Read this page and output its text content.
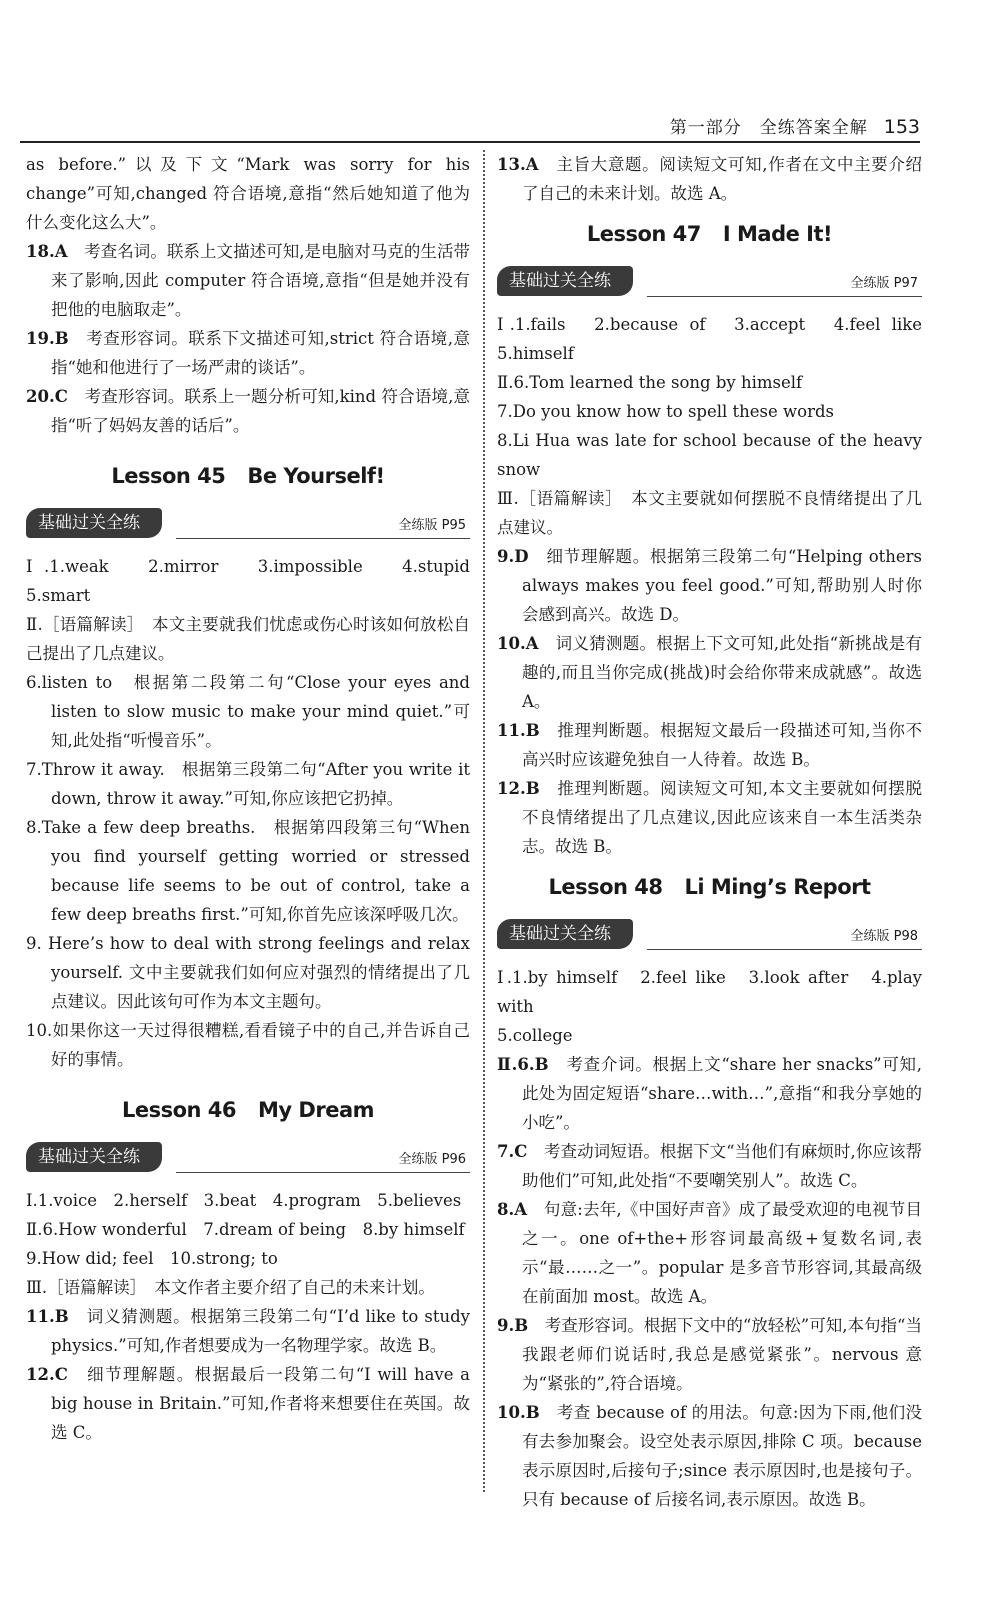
第一部分　全练答案全解 153
as before.”以及下文“Mark was sorry for his change”可知,changed 符合语境,意指“然后她知道了他为什么变化这么大”。
18.A　 考查名词。联系上文描述可知,是电脑对马克的生活带来了影响,因此 computer 符合语境,意指“但是她并没有把他的电脑取走”。
19.B　 考查形容词。联系下文描述可知,strict 符合语境,意指“她和他进行了一场严肃的谈话”。
20.C　 考查形容词。联系上一题分析可知,kind 符合语境,意指“听了妈妈友善的话后”。
Lesson 45 Be Yourself!
基础过关全练	全练版 P95
Ⅰ.1.weak　2.mirror　3.impossible　4.stupid　5.smart
Ⅱ.［语篇解读］　本文主要就我们忧虑或伤心时该如何放松自己提出了几点建议。
6.listen to　根据第二段第二句“Close your eyes and listen to slow music to make your mind quiet.”可知,此处指“听慢音乐”。
7.Throw it away.　根据第三段第二句“After you write it down, throw it away.”可知,你应该把它扔掉。
8.Take a few deep breaths.　根据第四段第三句“When you find yourself getting worried or stressed because life seems to be out of control, take a few deep breaths first.”可知,你首先应该深呼吸几次。
9. Here’s how to deal with strong feelings and relax yourself. 文中主要就我们如何应对强烈的情绪提出了几点建议。因此该句可作为本文主题句。
10.如果你这一天过得很糟糕,看看镜子中的自己,并告诉自己好的事情。
Lesson 46 My Dream
基础过关全练	全练版 P96
Ⅰ.1.voice　2.herself　3.beat　4.program　5.believes
Ⅱ.6.How wonderful　7.dream of being　8.by himself
9.How did; feel　10.strong; to
Ⅲ.［语篇解读］　本文作者主要介绍了自己的未来计划。
11.B　 词义猜测题。根据第三段第二句“I’d like to study physics.”可知,作者想要成为一名物理学家。故选 B。
12.C　 细节理解题。根据最后一段第二句“I will have a big house in Britain.”可知,作者将来想要住在英国。故选 C。
13.A　 主旨大意题。阅读短文可知,作者在文中主要介绍了自己的未来计划。故选 A。
Lesson 47 I Made It!
基础过关全练	全练版 P97
Ⅰ.1.fails　2.because of　3.accept　4.feel like　5.himself
Ⅱ.6.Tom learned the song by himself
7.Do you know how to spell these words
8.Li Hua was late for school because of the heavy snow
Ⅲ.［语篇解读］　本文主要就如何摆脱不良情绪提出了几点建议。
9.D　 细节理解题。根据第三段第二句“Helping others always makes you feel good.”可知,帮助别人时你会感到高兴。故选 D。
10.A　 词义猜测题。根据上下文可知,此处指“新挑战是有趣的,而且当你完成(挑战)时会给你带来成就感”。故选 A。
11.B　 推理判断题。根据短文最后一段描述可知,当你不高兴时应该避免独自一人待着。故选 B。
12.B　 推理判断题。阅读短文可知,本文主要就如何摆脱不良情绪提出了几点建议,因此应该来自一本生活类杂志。故选 B。
Lesson 48 Li Ming’s Report
基础过关全练	全练版 P98
Ⅰ.1.by himself　2.feel like　3.look after　4.play with
5.college
Ⅱ.6.B　 考查介词。根据上文“share her snacks”可知,此处为固定短语“share…with…”,意指“和我分享她的小吃”。
7.C　 考查动词短语。根据下文“当他们有麻烦时,你应该帮助他们”可知,此处指“不要嘲笑别人”。故选 C。
8.A　 句意:去年,《中国好声音》成了最受欢迎的电视节目之一。one of+the+形容词最高级+复数名词,表示“最……之一”。popular 是多音节形容词,其最高级在前面加 most。故选 A。
9.B　 考查形容词。根据下文中的“放轻松”可知,本句指“当我跟老师们说话时,我总是感觉紧张”。nervous 意为“紧张的”,符合语境。
10.B　 考查 because of 的用法。句意:因为下雨,他们没有去参加聚会。设空处表示原因,排除 C 项。because 表示原因时,后接句子;since 表示原因时,也是接句子。只有 because of 后接名词,表示原因。故选 B。
